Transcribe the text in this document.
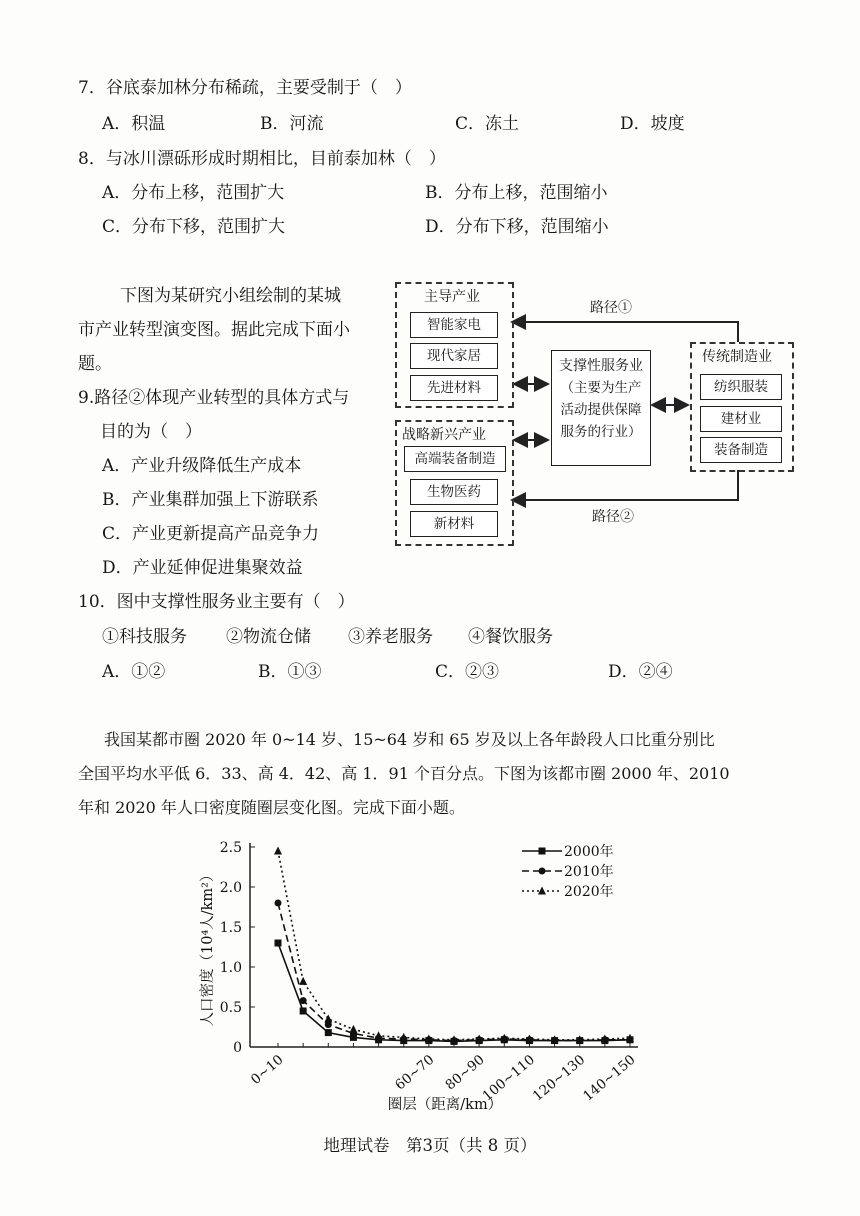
7．谷底泰加林分布稀疏，主要受制于（　）
A．积温	B．河流	C．冻土	D．坡度
8．与冰川漂砾形成时期相比，目前泰加林（　）
A．分布上移，范围扩大	B．分布上移，范围缩小
C．分布下移，范围扩大	D．分布下移，范围缩小
下图为某研究小组绘制的某城
市产业转型演变图。据此完成下面小
题。
9.路径②体现产业转型的具体方式与
目的为（　）
A．产业升级降低生产成本
B．产业集群加强上下游联系
C．产业更新提高产品竞争力
D．产业延伸促进集聚效益
主导产业
智能家电
现代家居
先进材料
战略新兴产业
高端装备制造
生物医药
新材料
支撑性服务业
（主要为生产
活动提供保障
服务的行业）
传统制造业
纺织服装
建材业
装备制造
路径①
路径②
10．图中支撑性服务业主要有（　）
①科技服务 ②物流仓储 ③养老服务 ④餐饮服务
A．①②	B．①③	C．②③	D．②④
我国某都市圈 2020 年 0~14 岁、15~64 岁和 65 岁及以上各年龄段人口比重分别比
全国平均水平低 6．33、高 4．42、高 1．91 个百分点。下图为该都市圈 2000 年、2010
年和 2020 年人口密度随圈层变化图。完成下面小题。
0
0.5
1.0
1.5
2.0
2.5
0~10	60~70 80~90
100~110
120~130
140~150
人口密度（10⁴人/km²）
圈层（距离/km）
2000年
2010年
2020年
地理试卷　第3页（共 8 页）
